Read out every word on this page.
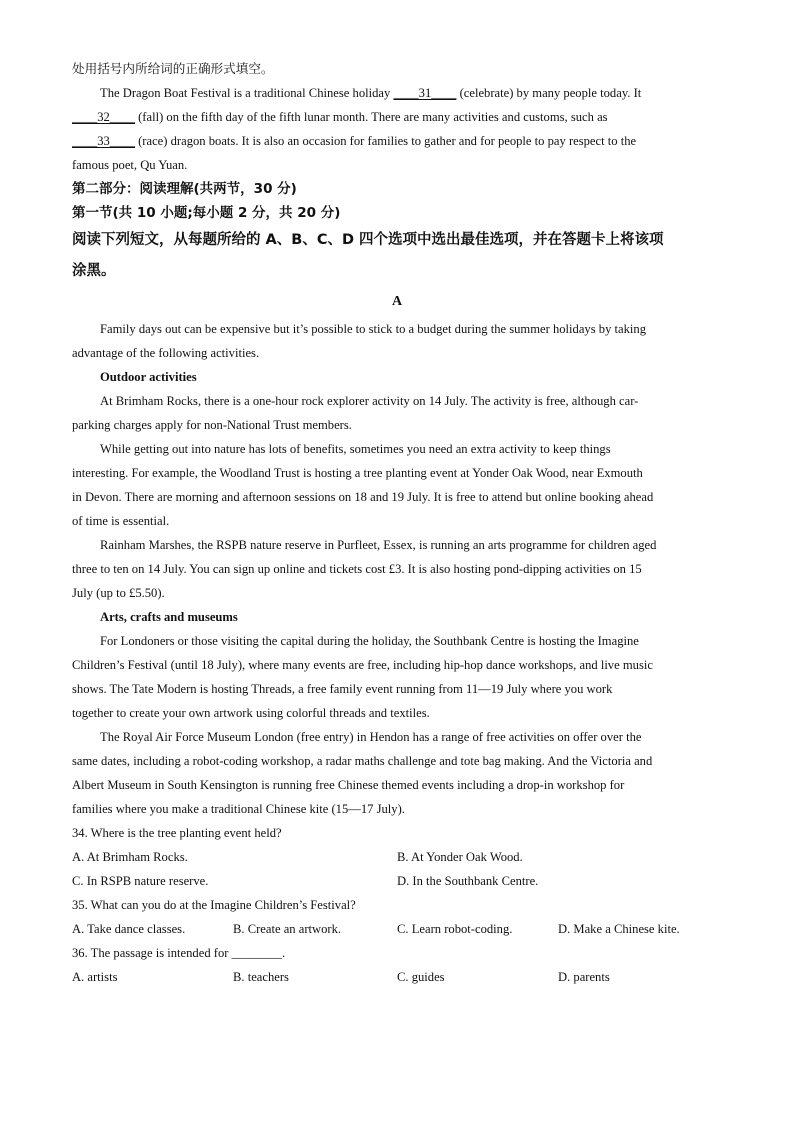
处用括号内所给词的正确形式填空。
The Dragon Boat Festival is a traditional Chinese holiday ____31____ (celebrate) by many people today. It
____32____ (fall) on the fifth day of the fifth lunar month. There are many activities and customs, such as
____33____ (race) dragon boats. It is also an occasion for families to gather and for people to pay respect to the
famous poet, Qu Yuan.
第二部分：阅读理解(共两节，30 分)
第一节(共 10 小题;每小题 2 分，共 20 分)
阅读下列短文，从每题所给的 A、B、C、D 四个选项中选出最佳选项，并在答题卡上将该项
涂黑。
A
Family days out can be expensive but it’s possible to stick to a budget during the summer holidays by taking
advantage of the following activities.
Outdoor activities
At Brimham Rocks, there is a one-hour rock explorer activity on 14 July. The activity is free, although car-
parking charges apply for non-National Trust members.
While getting out into nature has lots of benefits, sometimes you need an extra activity to keep things
interesting. For example, the Woodland Trust is hosting a tree planting event at Yonder Oak Wood, near Exmouth
in Devon. There are morning and afternoon sessions on 18 and 19 July. It is free to attend but online booking ahead
of time is essential.
Rainham Marshes, the RSPB nature reserve in Purfleet, Essex, is running an arts programme for children aged
three to ten on 14 July. You can sign up online and tickets cost £3. It is also hosting pond-dipping activities on 15
July (up to £5.50).
Arts, crafts and museums
For Londoners or those visiting the capital during the holiday, the Southbank Centre is hosting the Imagine
Children’s Festival (until 18 July), where many events are free, including hip-hop dance workshops, and live music
shows. The Tate Modern is hosting Threads, a free family event running from 11—19 July where you work
together to create your own artwork using colorful threads and textiles.
The Royal Air Force Museum London (free entry) in Hendon has a range of free activities on offer over the
same dates, including a robot-coding workshop, a radar maths challenge and tote bag making. And the Victoria and
Albert Museum in South Kensington is running free Chinese themed events including a drop-in workshop for
families where you make a traditional Chinese kite (15—17 July).
34. Where is the tree planting event held?
A. At Brimham Rocks.	B. At Yonder Oak Wood.
C. In RSPB nature reserve.	D. In the Southbank Centre.
35. What can you do at the Imagine Children’s Festival?
A. Take dance classes.	B. Create an artwork.	C. Learn robot-coding.	D. Make a Chinese kite.
36. The passage is intended for ________.
A. artists	B. teachers	C. guides	D. parents
